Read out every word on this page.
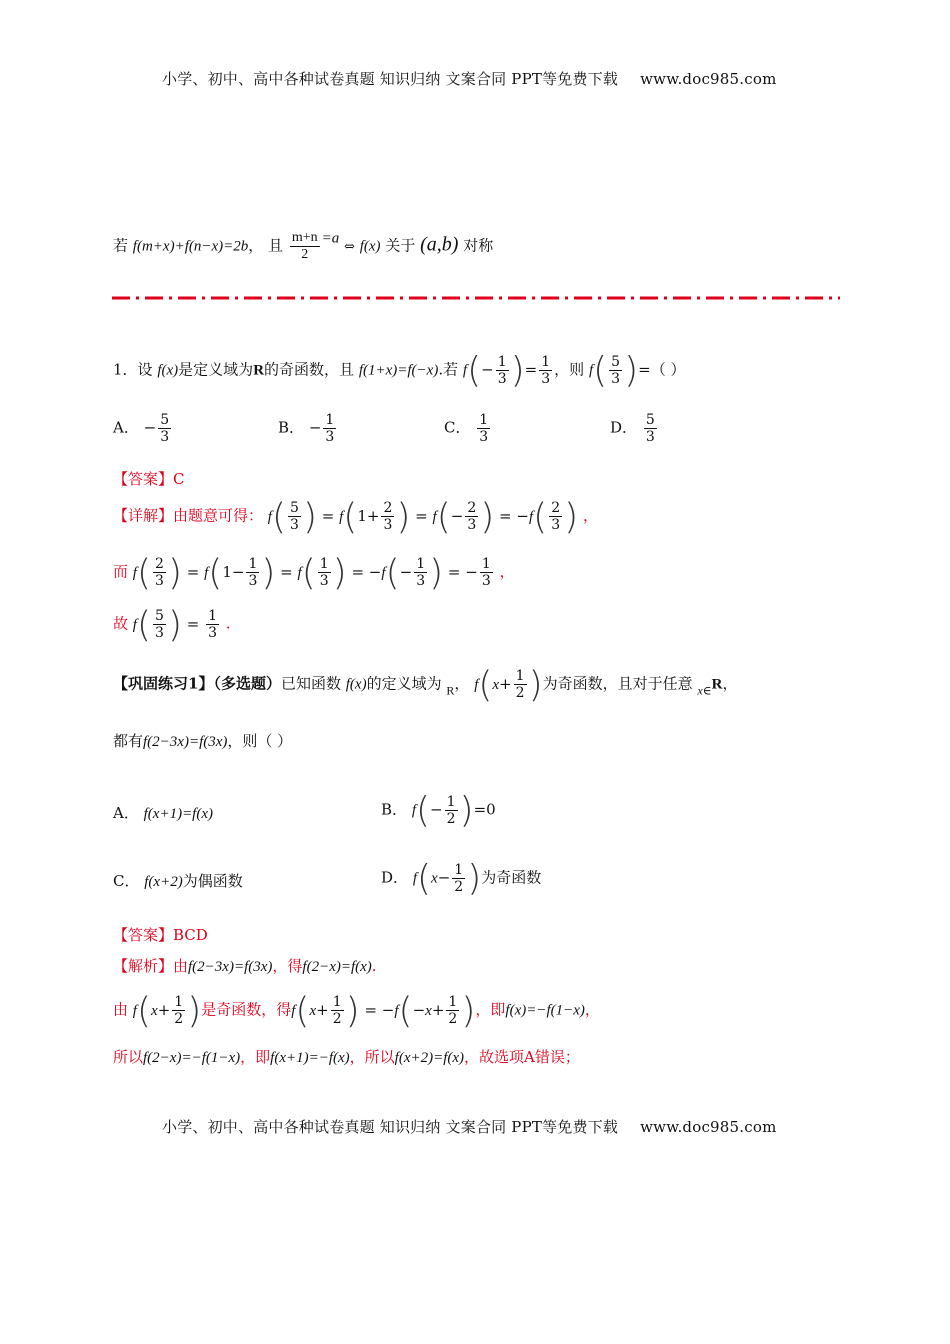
小学、初中、高中各种试卷真题 知识归纳 文案合同 PPT等免费下载 www.doc985.com
若 f(m+x)+f(n−x)=2b， 且 $\frac{m+n}{2} =a$ ⇔ f(x) 关于 (a,b) 对称
1．设 f(x)是定义域为R的奇函数，且 f(1+x)=f(−x).若 $f(- \frac{1}{3}$ )= $\frac{1}{3}$ ，则 $f( \frac{5}{3}$ )=（ ）
A． − $\frac{5}{3}$	B． − $\frac{1}{3}$	C． $\frac{1}{3}$	D． $\frac{5}{3}$
【答案】C
【详解】由题意可得： $f( \frac{5}{3}$ ) = $f(1+ \frac{2}{3}$ ) = $f(- \frac{2}{3}$ ) = $-f( \frac{2}{3}$ ) ，
而 $f( \frac{2}{3}$ ) = $f(1- \frac{1}{3}$ ) = $f( \frac{1}{3}$ ) = $-f(- \frac{1}{3}$ ) = − $\frac{1}{3}$ ，
故 $f( \frac{5}{3}$ ) = $\frac{1}{3}$ .
【巩固练习1】（多选题）已知函数 f(x)的定义域为 $_R$， $f(x+ \frac{1}{2}$ )为奇函数，且对于任意 $_{x\in}$R，
都有f(2−3x)=f(3x)，则（ ）
A． f(x+1)=f(x)	B． $f(- \frac{1}{2} )=0$
C． f(x+2)为偶函数	D． $f(x- \frac{1}{2}$ )为奇函数
【答案】BCD
【解析】由f(2−3x)=f(3x)，得f(2−x)=f(x).
由 $f(x+ \frac{1}{2}$ )是奇函数，得$f(x+ \frac{1}{2}$ ) = $-f(-x+ \frac{1}{2}$ )，即f(x)=−f(1−x)，
所以f(2−x)=−f(1−x)，即f(x+1)=−f(x)，所以f(x+2)=f(x)，故选项A错误；
小学、初中、高中各种试卷真题 知识归纳 文案合同 PPT等免费下载 www.doc985.com
